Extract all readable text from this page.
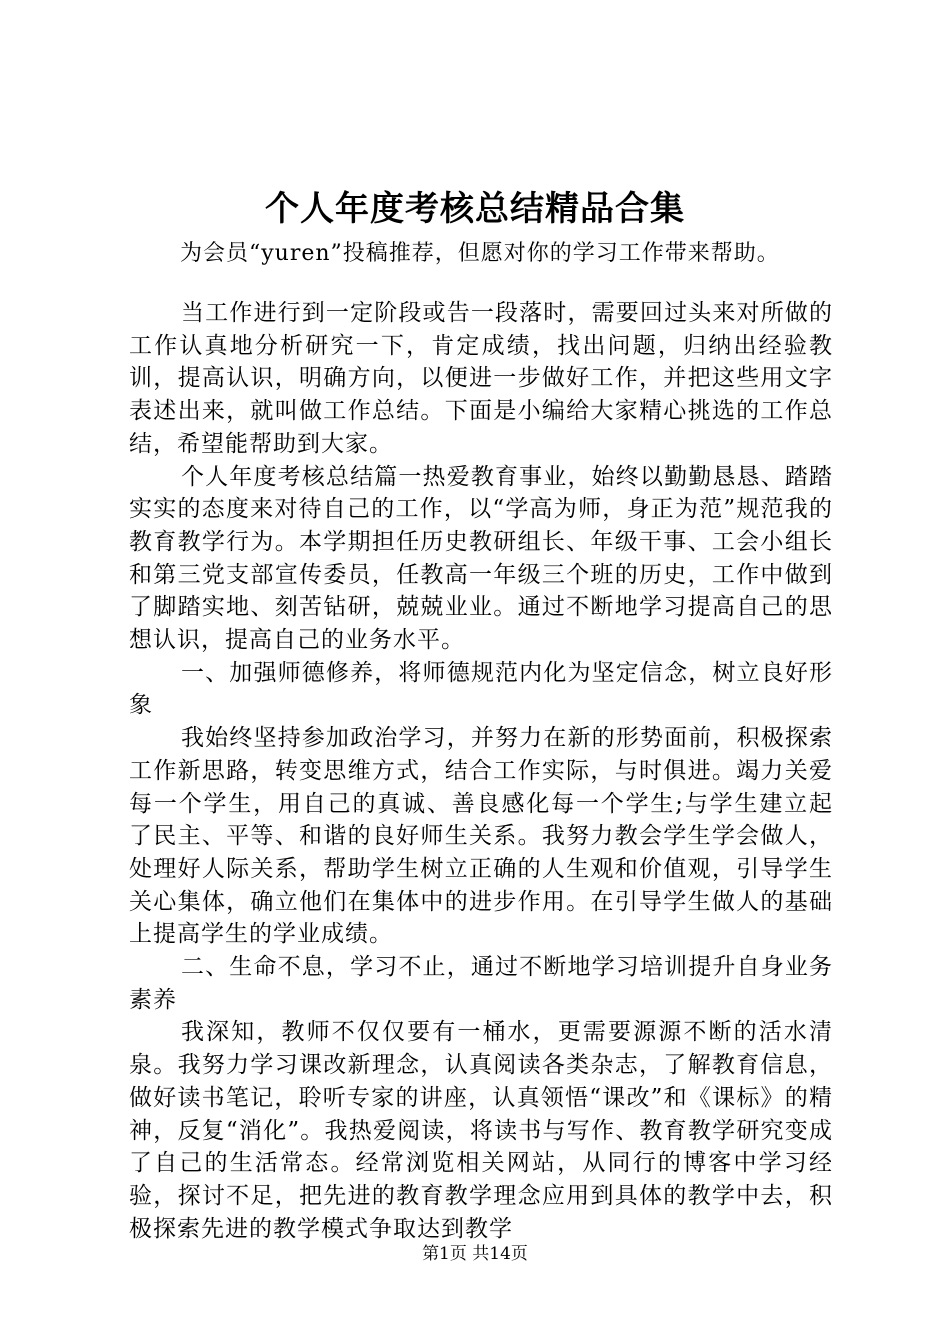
个人年度考核总结精品合集
为会员“yuren”投稿推荐，但愿对你的学习工作带来帮助。

当工作进行到一定阶段或告一段落时，需要回过头来对所做的工作认真地分析研究一下，肯定成绩，找出问题，归纳出经验教训，提高认识，明确方向，以便进一步做好工作，并把这些用文字表述出来，就叫做工作总结。下面是小编给大家精心挑选的工作总结，希望能帮助到大家。

个人年度考核总结篇一热爱教育事业，始终以勤勤恳恳、踏踏实实的态度来对待自己的工作，以“学高为师，身正为范”规范我的教育教学行为。本学期担任历史教研组长、年级干事、工会小组长和第三党支部宣传委员，任教高一年级三个班的历史，工作中做到了脚踏实地、刻苦钻研，兢兢业业。通过不断地学习提高自己的思想认识，提高自己的业务水平。

一、加强师德修养，将师德规范内化为坚定信念，树立良好形象

我始终坚持参加政治学习，并努力在新的形势面前，积极探索工作新思路，转变思维方式，结合工作实际，与时俱进。竭力关爱每一个学生，用自己的真诚、善良感化每一个学生;与学生建立起了民主、平等、和谐的良好师生关系。我努力教会学生学会做人，处理好人际关系，帮助学生树立正确的人生观和价值观，引导学生关心集体，确立他们在集体中的进步作用。在引导学生做人的基础上提高学生的学业成绩。

二、生命不息，学习不止，通过不断地学习培训提升自身业务素养

我深知，教师不仅仅要有一桶水，更需要源源不断的活水清泉。我努力学习课改新理念，认真阅读各类杂志，了解教育信息，做好读书笔记，聆听专家的讲座，认真领悟“课改”和《课标》的精神，反复“消化”。我热爱阅读，将读书与写作、教育教学研究变成了自己的生活常态。经常浏览相关网站，从同行的博客中学习经验，探讨不足，把先进的教育教学理念应用到具体的教学中去，积极探索先进的教学模式争取达到教学

第1页 共14页
